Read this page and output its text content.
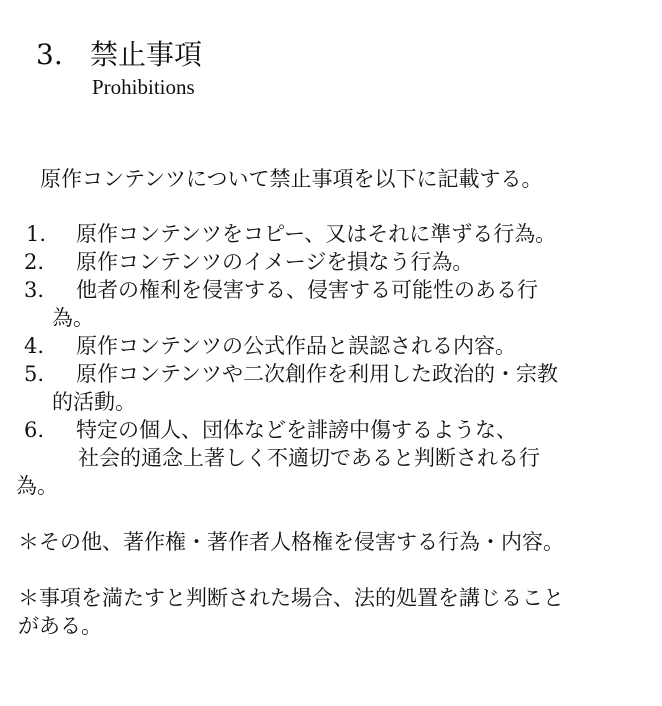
3. 禁止事項
Prohibitions
原作コンテンツについて禁止事項を以下に記載する。
1. 原作コンテンツをコピー、又はそれに準ずる行為。
2. 原作コンテンツのイメージを損なう行為。
3. 他者の権利を侵害する、侵害する可能性のある行
為。
4. 原作コンテンツの公式作品と誤認される内容。
5. 原作コンテンツや二次創作を利用した政治的・宗教
的活動。
6. 特定の個人、団体などを誹謗中傷するような、
社会的通念上著しく不適切であると判断される行
為。
＊その他、著作権・著作者人格権を侵害する行為・内容。
＊事項を満たすと判断された場合、法的処置を講じること
がある。
